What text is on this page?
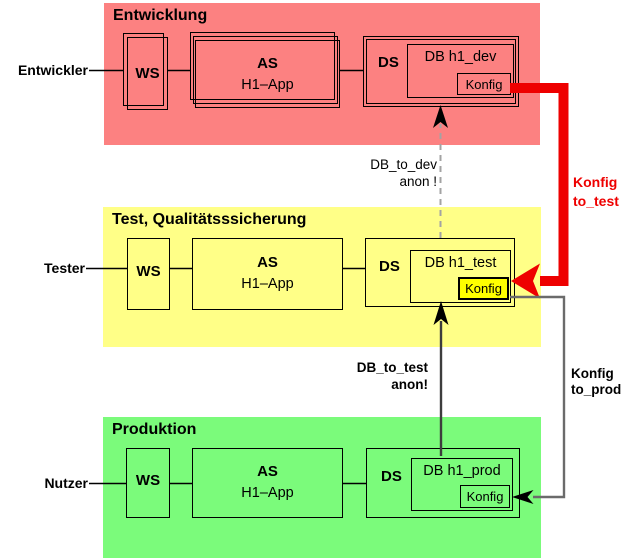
Entwicklung
WS
AS
H1–App
DS	DB h1_dev
Konfig
Test, Qualitätsssicherung
WS	AS
H1–App
DS	DB h1_test
Konfig
Produktion
WS	AS
H1–App
DS	DB h1_prod
Konfig
Entwickler
Tester
Nutzer
DB_to_dev
anon !
DB_to_test
anon!
Konfig
to_test
Konfig
to_prod
